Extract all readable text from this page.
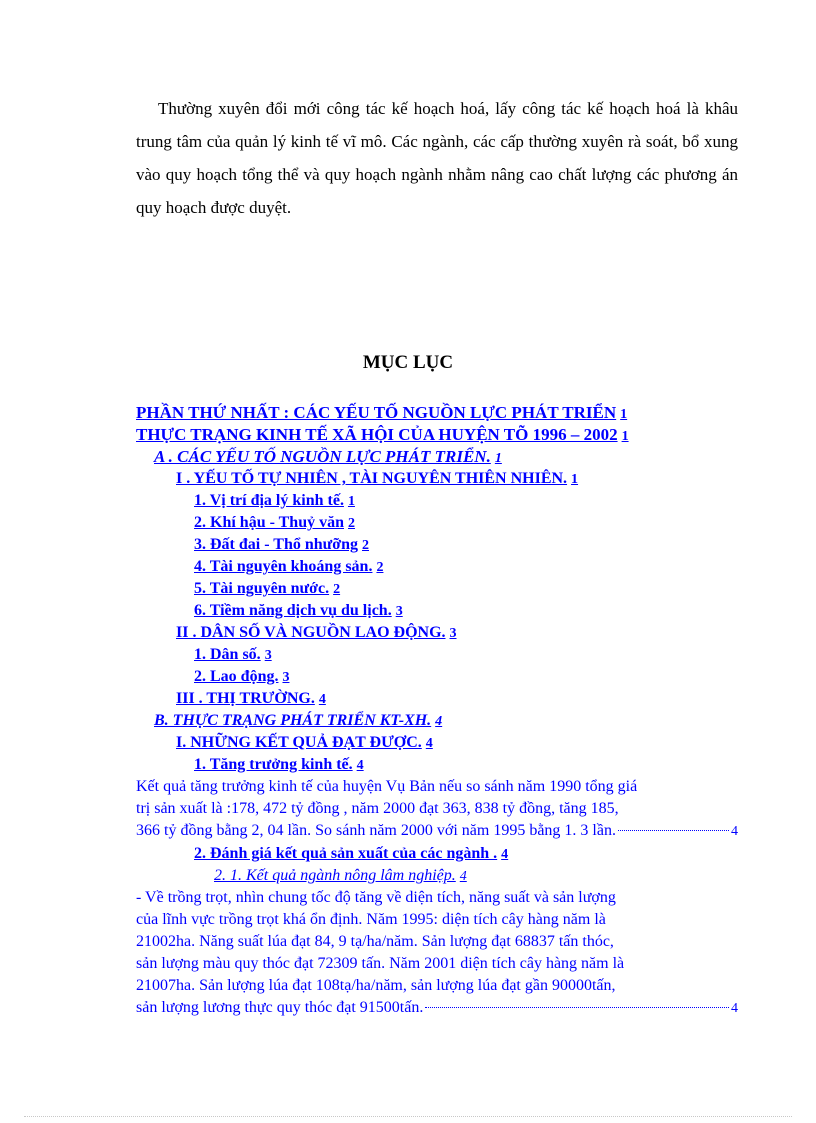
Thường xuyên đổi mới công tác kế hoạch hoá, lấy công tác kế hoạch hoá là khâu trung tâm của quản lý kinh tế vĩ mô. Các ngành, các cấp thường xuyên rà soát, bổ xung vào quy hoạch tổng thể và quy hoạch ngành nhằm nâng cao chất lượng các phương án quy hoạch được duyệt.

MỤC LỤC
PHẦN THỨ NHẤT : CÁC YẾU TỐ NGUỒN LỰC PHÁT TRIỂN 1
THỰC TRẠNG KINH TẾ XÃ HỘI CỦA HUYỆN TÕ 1996 – 2002 1
A . CÁC YẾU TỐ NGUỒN LỰC PHÁT TRIỂN. 1
I . YẾU TỐ TỰ NHIÊN , TÀI NGUYÊN THIÊN NHIÊN. 1
1. Vị trí địa lý kinh tế. 1
2. Khí hậu - Thuỷ văn 2
3. Đất đai - Thổ nhưỡng 2
4. Tài nguyên khoáng sản. 2
5. Tài nguyên nước. 2
6. Tiềm năng dịch vụ du lịch. 3
II . DÂN SỐ VÀ NGUỒN LAO ĐỘNG. 3
1. Dân số. 3
2. Lao động. 3
III . THỊ TRƯỜNG. 4
B. THỰC TRẠNG PHÁT TRIỂN KT-XH. 4
I. NHỮNG KẾT QUẢ ĐẠT ĐƯỢC. 4
1. Tăng trưởng kinh tế. 4
Kết quả tăng trưởng kinh tế của huyện Vụ Bản nếu so sánh năm 1990 tổng giá
trị sản xuất là :178, 472 tỷ đồng , năm 2000 đạt 363, 838 tỷ đồng, tăng 185,
366 tỷ đồng bằng 2, 04 lần. So sánh năm 2000 với năm 1995 bằng 1. 3 lần.	4
2. Đánh giá kết quả sản xuất của các ngành . 4
2. 1. Kết quả ngành nông lâm nghiệp. 4
- Về trồng trọt, nhìn chung tốc độ tăng về diện tích, năng suất và sản lượng
của lĩnh vực trồng trọt khá ổn định. Năm 1995: diện tích cây hàng năm là
21002ha. Năng suất lúa đạt 84, 9 tạ/ha/năm. Sản lượng đạt 68837 tấn thóc,
sản lượng màu quy thóc đạt 72309 tấn. Năm 2001 diện tích cây hàng năm là
21007ha. Sản lượng lúa đạt 108tạ/ha/năm, sản lượng lúa đạt gần 90000tấn,
sản lượng lương thực quy thóc đạt 91500tấn.	4
